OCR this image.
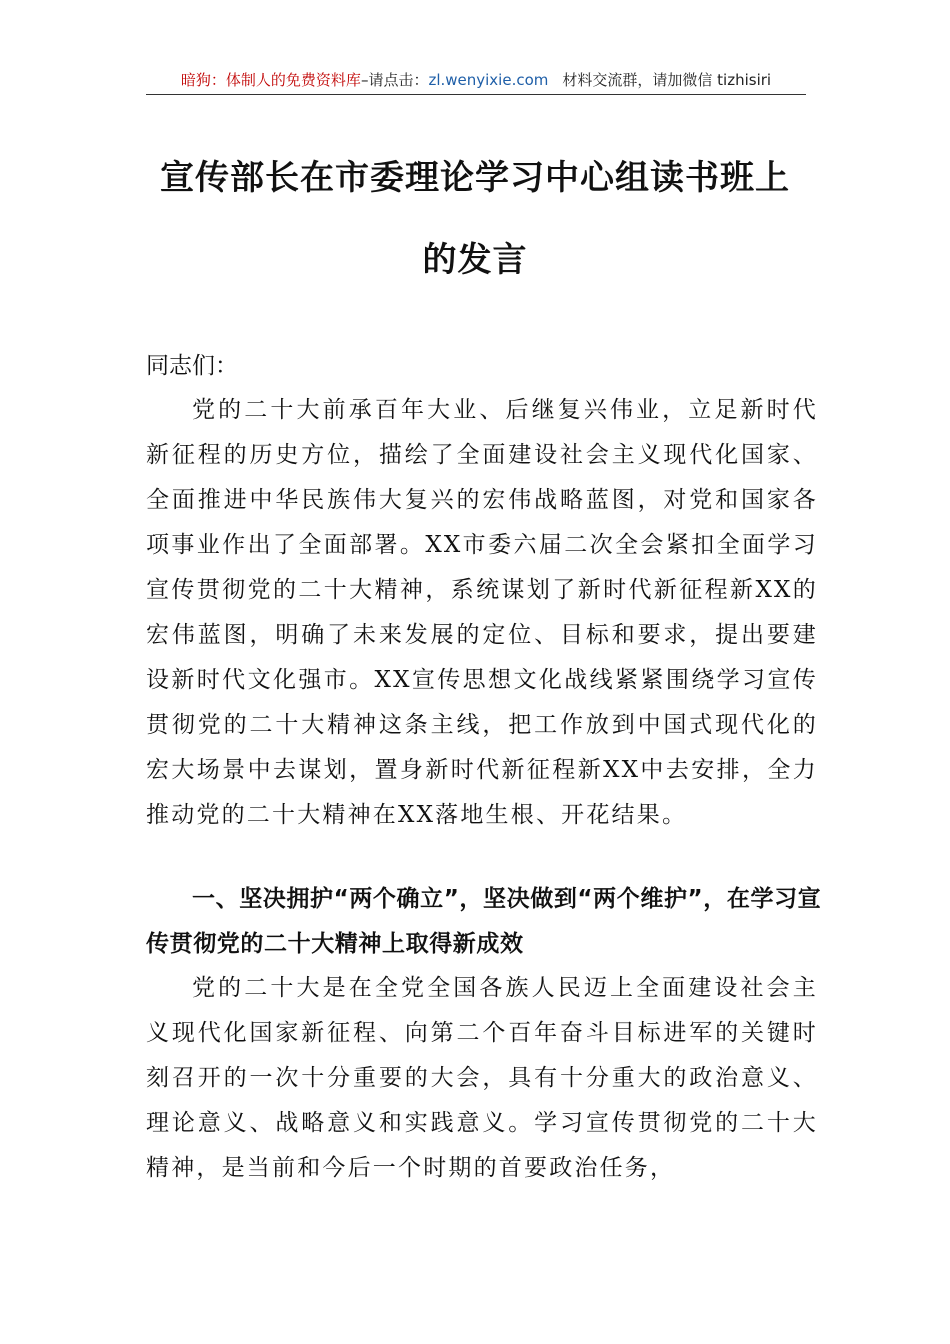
暗狗：体制人的免费资料库–请点击：zl.wenyixie.com 材料交流群，请加微信 tizhisiri
宣传部长在市委理论学习中心组读书班上
的发言
同志们：
党的二十大前承百年大业、后继复兴伟业，立足新时代新征程的历史方位，描绘了全面建设社会主义现代化国家、全面推进中华民族伟大复兴的宏伟战略蓝图，对党和国家各项事业作出了全面部署。XX市委六届二次全会紧扣全面学习宣传贯彻党的二十大精神，系统谋划了新时代新征程新XX的宏伟蓝图，明确了未来发展的定位、目标和要求，提出要建设新时代文化强市。XX宣传思想文化战线紧紧围绕学习宣传贯彻党的二十大精神这条主线，把工作放到中国式现代化的宏大场景中去谋划，置身新时代新征程新XX中去安排，全力推动党的二十大精神在XX落地生根、开花结果。
一、坚决拥护“两个确立”，坚决做到“两个维护”，在学习宣传贯彻党的二十大精神上取得新成效
党的二十大是在全党全国各族人民迈上全面建设社会主义现代化国家新征程、向第二个百年奋斗目标进军的关键时刻召开的一次十分重要的大会，具有十分重大的政治意义、理论意义、战略意义和实践意义。学习宣传贯彻党的二十大精神，是当前和今后一个时期的首要政治任务，
